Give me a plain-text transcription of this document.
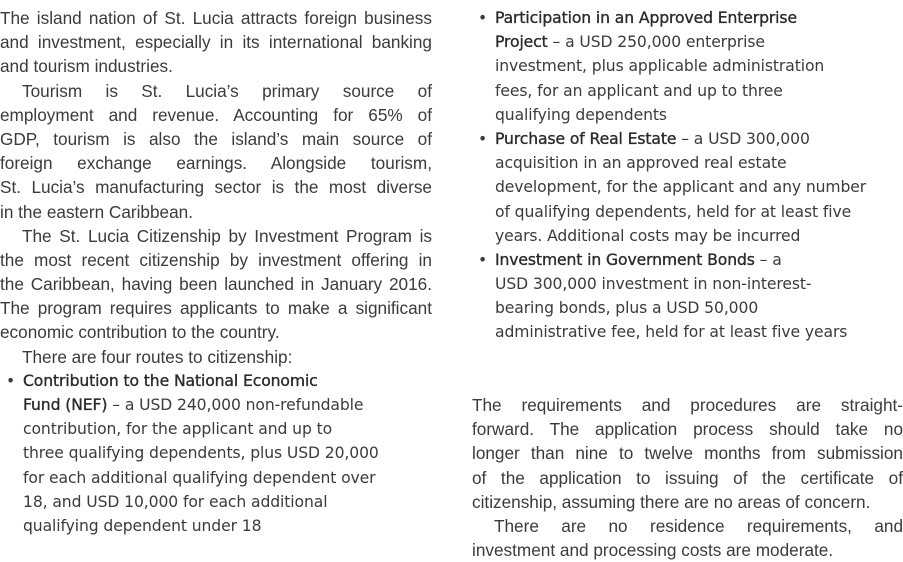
The island nation of St. Lucia attracts foreign business
and investment, especially in its international banking
and tourism industries.
Tourism is St. Lucia’s primary source of
employment and revenue. Accounting for 65% of
GDP, tourism is also the island’s main source of
foreign exchange earnings. Alongside tourism,
St. Lucia’s manufacturing sector is the most diverse
in the eastern Caribbean.
The St. Lucia Citizenship by Investment Program is
the most recent citizenship by investment offering in
the Caribbean, having been launched in January 2016.
The program requires applicants to make a significant
economic contribution to the country.
There are four routes to citizenship:
• Contribution to the National Economic
Fund (NEF) – a USD 240,000 non-refundable
contribution, for the applicant and up to
three qualifying dependents, plus USD 20,000
for each additional qualifying dependent over
18, and USD 10,000 for each additional
qualifying dependent under 18
• Participation in an Approved Enterprise
Project – a USD 250,000 enterprise
investment, plus applicable administration
fees, for an applicant and up to three
qualifying dependents
• Purchase of Real Estate – a USD 300,000
acquisition in an approved real estate
development, for the applicant and any number
of qualifying dependents, held for at least five
years. Additional costs may be incurred
• Investment in Government Bonds – a
USD 300,000 investment in non-interest-
bearing bonds, plus a USD 50,000
administrative fee, held for at least five years
The requirements and procedures are straight-
forward. The application process should take no
longer than nine to twelve months from submission
of the application to issuing of the certificate of
citizenship, assuming there are no areas of concern.
There are no residence requirements, and
investment and processing costs are moderate.
